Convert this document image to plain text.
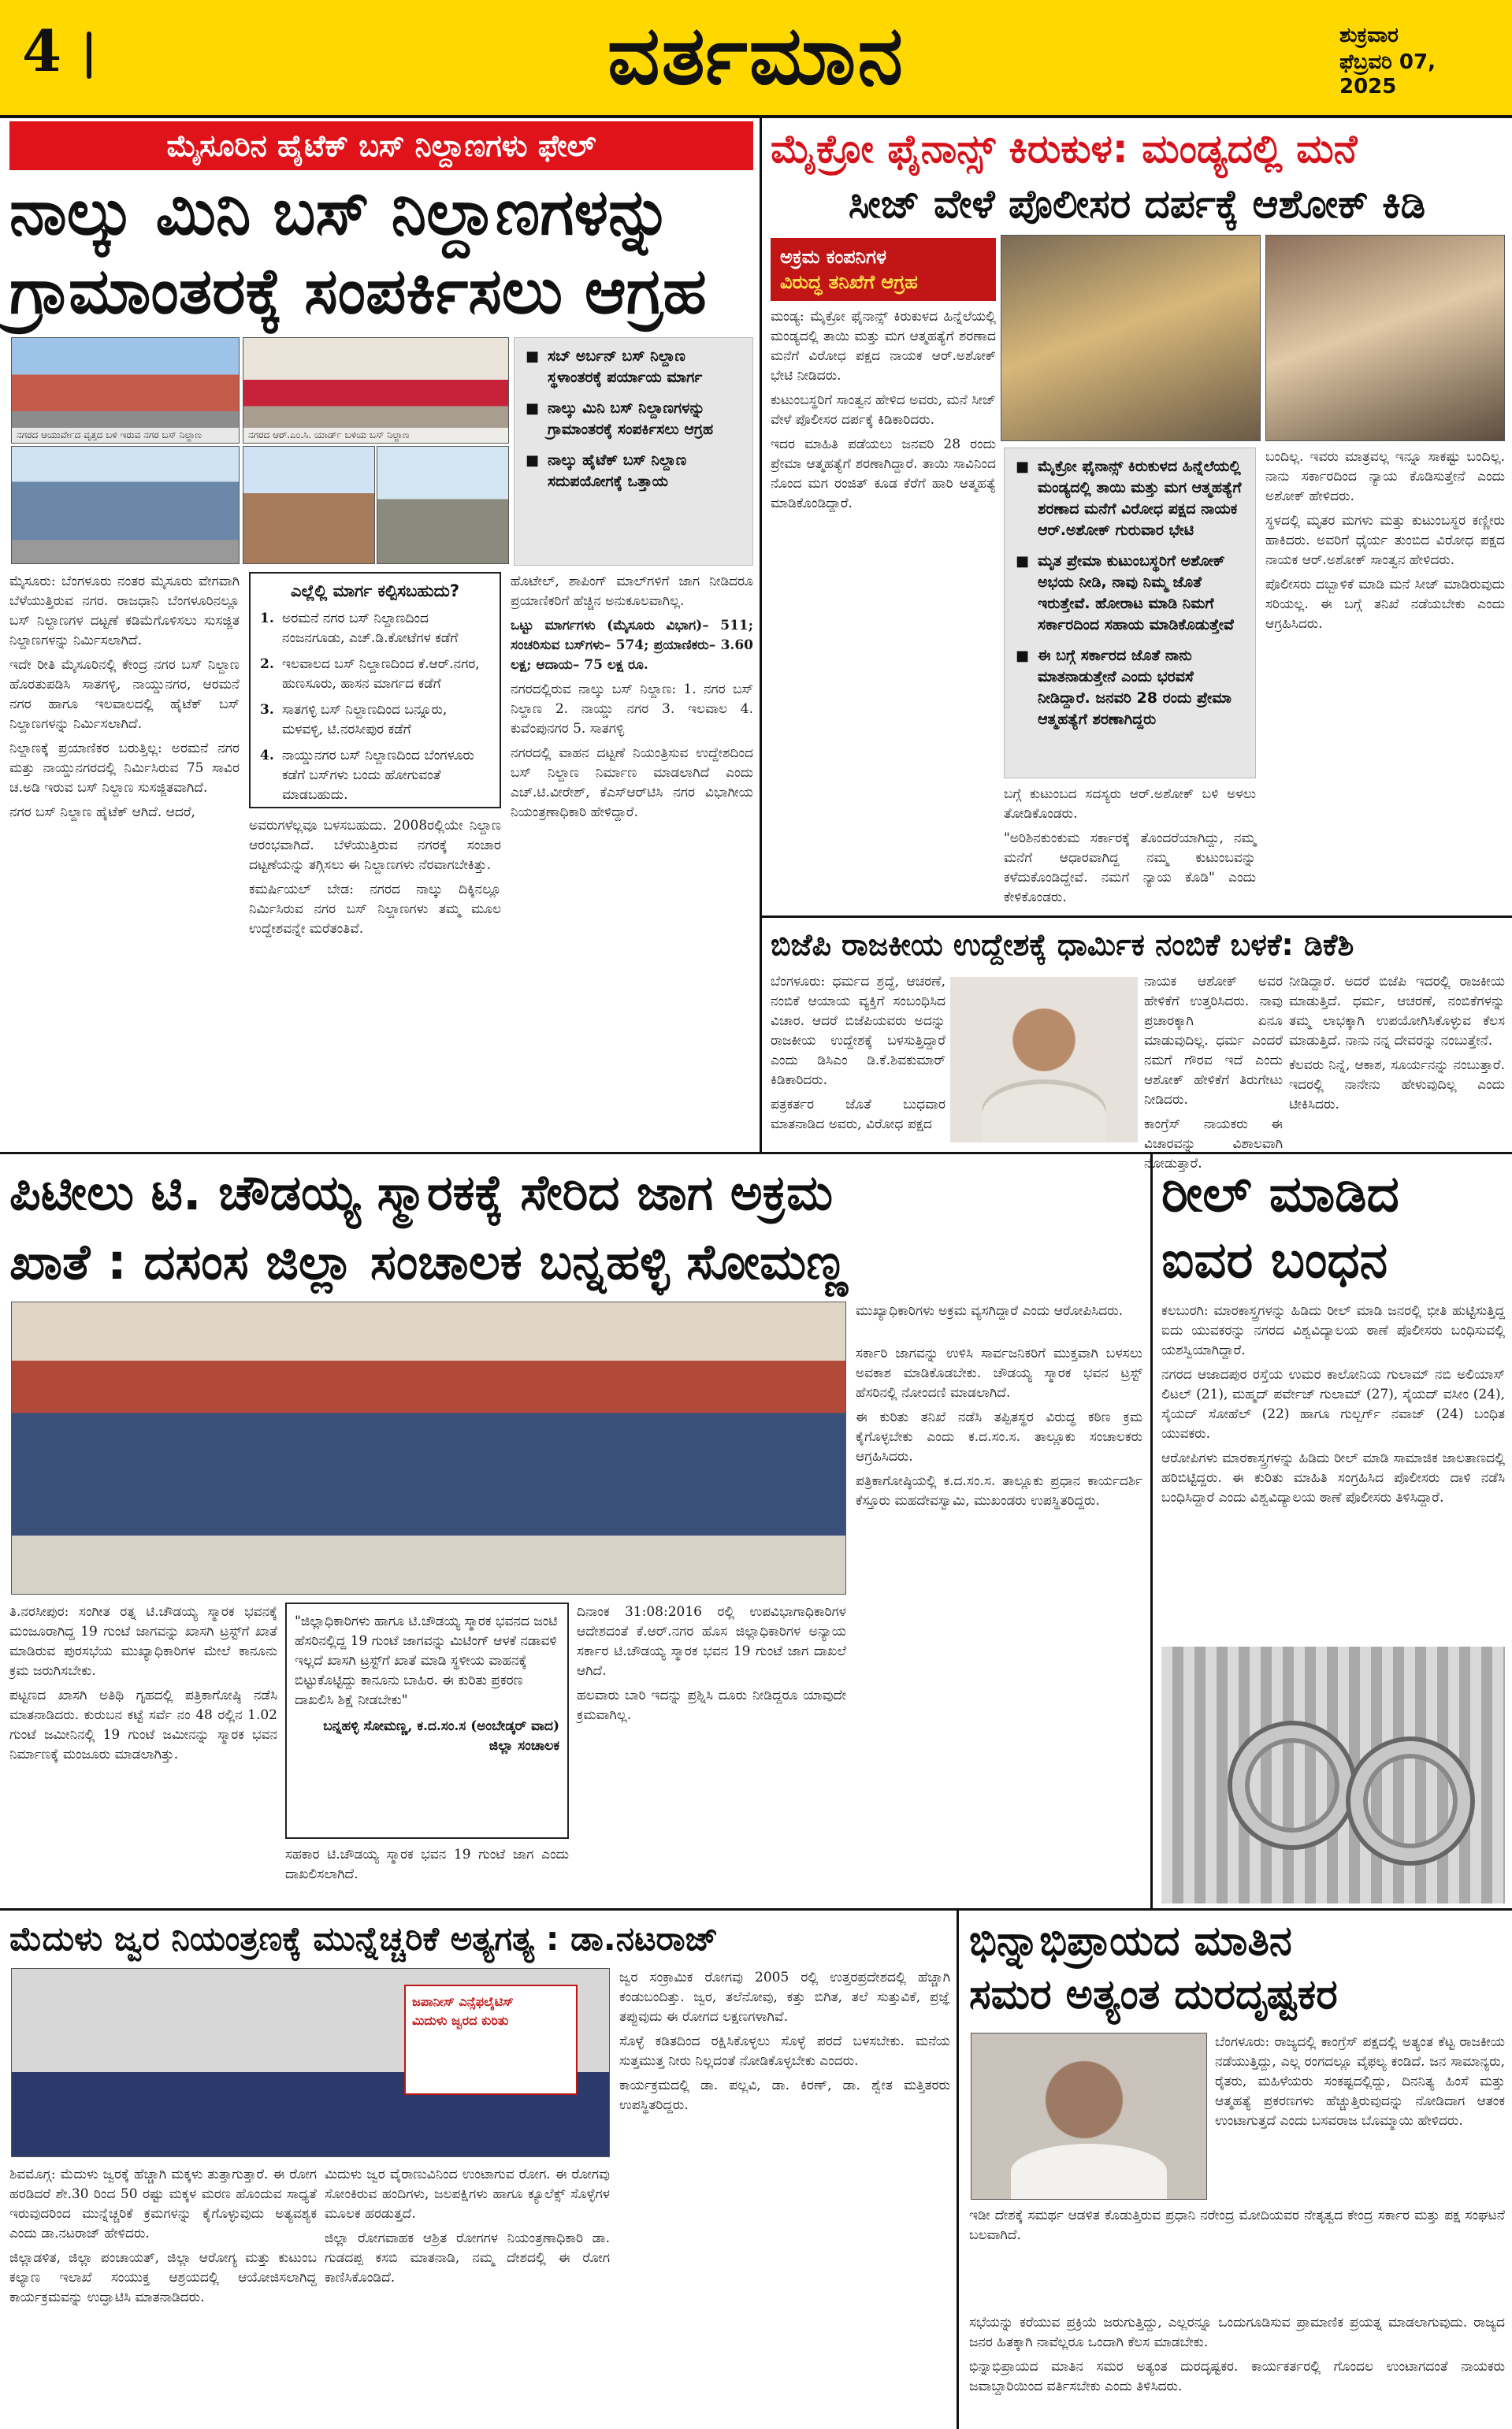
4	ವರ್ತಮಾನ	ಶುಕ್ರವಾರ
ಫೆಬ್ರವರಿ 07, 2025
ಮೈಸೂರಿನ ಹೈಟೆಕ್ ಬಸ್ ನಿಲ್ದಾಣಗಳು ಫೇಲ್
ನಾಲ್ಕು ಮಿನಿ ಬಸ್ ನಿಲ್ದಾಣಗಳನ್ನು
ಗ್ರಾಮಾಂತರಕ್ಕೆ ಸಂಪರ್ಕಿಸಲು ಆಗ್ರಹ
ನಗರದ ಆಯುರ್ವೇದ ವೃತ್ತದ ಬಳಿ ಇರುವ ನಗರ ಬಸ್ ನಿಲ್ದಾಣ	ನಗರದ ಆರ್.ಎಂ.ಸಿ. ಯಾರ್ಡ್ ಬಳಿಯ ಬಸ್ ನಿಲ್ದಾಣ
■ ಸಬ್ ಅರ್ಬನ್ ಬಸ್ ನಿಲ್ದಾಣ ಸ್ಥಳಾಂತರಕ್ಕೆ ಪರ್ಯಾಯ ಮಾರ್ಗ
■ ನಾಲ್ಕು ಮಿನಿ ಬಸ್ ನಿಲ್ದಾಣಗಳನ್ನು ಗ್ರಾಮಾಂತರಕ್ಕೆ ಸಂಪರ್ಕಿಸಲು ಆಗ್ರಹ
■ ನಾಲ್ಕು ಹೈಟೆಕ್ ಬಸ್ ನಿಲ್ದಾಣ ಸದುಪಯೋಗಕ್ಕೆ ಒತ್ತಾಯ

ಮೈಸೂರು: ಬೆಂಗಳೂರು ನಂತರ ಮೈಸೂರು ವೇಗವಾಗಿ ಬೆಳೆಯುತ್ತಿರುವ ನಗರ. ರಾಜಧಾನಿ ಬೆಂಗಳೂರಿನಲ್ಲೂ ಬಸ್ ನಿಲ್ದಾಣಗಳ ದಟ್ಟಣೆ ಕಡಿಮೆಗೊಳಿಸಲು ಸುಸಜ್ಜಿತ ನಿಲ್ದಾಣಗಳನ್ನು ನಿರ್ಮಿಸಲಾಗಿದೆ.

ಇದೇ ರೀತಿ ಮೈಸೂರಿನಲ್ಲಿ ಕೇಂದ್ರ ನಗರ ಬಸ್ ನಿಲ್ದಾಣ ಹೊರತುಪಡಿಸಿ ಸಾತಗಳ್ಳಿ, ನಾಯ್ಡುನಗರ, ಆರಮನೆ ನಗರ ಹಾಗೂ ಇಲವಾಲದಲ್ಲಿ ಹೈಟೆಕ್ ಬಸ್ ನಿಲ್ದಾಣಗಳನ್ನು ನಿರ್ಮಿಸಲಾಗಿದೆ.

ನಿಲ್ದಾಣಕ್ಕೆ ಪ್ರಯಾಣಿಕರ ಬರುತ್ತಿಲ್ಲ: ಅರಮನೆ ನಗರ ಮತ್ತು ನಾಯ್ಡುನಗರದಲ್ಲಿ ನಿರ್ಮಿಸಿರುವ 75 ಸಾವಿರ ಚ.ಅಡಿ ಇರುವ ಬಸ್ ನಿಲ್ದಾಣ ಸುಸಜ್ಜಿತವಾಗಿದೆ.

ನಗರ ಬಸ್ ನಿಲ್ದಾಣ ಹೈಟೆಕ್ ಆಗಿದೆ. ಆದರೆ,

ಎಲ್ಲೆಲ್ಲಿ ಮಾರ್ಗ ಕಲ್ಪಿಸಬಹುದು?
1. ಅರಮನೆ ನಗರ ಬಸ್ ನಿಲ್ದಾಣದಿಂದ ನಂಜನಗೂಡು, ಎಚ್.ಡಿ.ಕೋಟೆಗಳ ಕಡೆಗೆ
2. ಇಲವಾಲದ ಬಸ್ ನಿಲ್ದಾಣದಿಂದ ಕೆ.ಆರ್.ನಗರ, ಹುಣಸೂರು, ಹಾಸನ ಮಾರ್ಗದ ಕಡೆಗೆ
3. ಸಾತಗಳ್ಳಿ ಬಸ್ ನಿಲ್ದಾಣದಿಂದ ಬನ್ನೂರು, ಮಳವಳ್ಳಿ, ಟಿ.ನರಸೀಪುರ ಕಡೆಗೆ
4. ನಾಯ್ಡುನಗರ ಬಸ್ ನಿಲ್ದಾಣದಿಂದ ಬೆಂಗಳೂರು ಕಡೆಗೆ ಬಸ್‌ಗಳು ಬಂದು ಹೋಗುವಂತೆ ಮಾಡಬಹುದು.

ಅವರುಗಳೆಲ್ಲವೂ ಬಳಸಬಹುದು. 2008ರಲ್ಲಿಯೇ ನಿಲ್ದಾಣ ಆರಂಭವಾಗಿದೆ. ಬೆಳೆಯುತ್ತಿರುವ ನಗರಕ್ಕೆ ಸಂಚಾರ ದಟ್ಟಣೆಯನ್ನು ತಗ್ಗಿಸಲು ಈ ನಿಲ್ದಾಣಗಳು ನೆರವಾಗಬೇಕಿತ್ತು.

ಕಮರ್ಷಿಯಲ್ ಬೇಡ: ನಗರದ ನಾಲ್ಕು ದಿಕ್ಕಿನಲ್ಲೂ ನಿರ್ಮಿಸಿರುವ ನಗರ ಬಸ್ ನಿಲ್ದಾಣಗಳು ತಮ್ಮ ಮೂಲ ಉದ್ದೇಶವನ್ನೇ ಮರೆತಂತಿವೆ.

ಹೊಟೇಲ್, ಶಾಪಿಂಗ್ ಮಾಲ್‌ಗಳಿಗೆ ಜಾಗ ನೀಡಿದರೂ ಪ್ರಯಾಣಿಕರಿಗೆ ಹೆಚ್ಚಿನ ಅನುಕೂಲವಾಗಿಲ್ಲ.

ಒಟ್ಟು ಮಾರ್ಗಗಳು (ಮೈಸೂರು ವಿಭಾಗ)– 511; ಸಂಚರಿಸುವ ಬಸ್‌ಗಳು– 574; ಪ್ರಯಾಣಿಕರು– 3.60 ಲಕ್ಷ; ಆದಾಯ– 75 ಲಕ್ಷ ರೂ.

ನಗರದಲ್ಲಿರುವ ನಾಲ್ಕು ಬಸ್ ನಿಲ್ದಾಣ: 1. ನಗರ ಬಸ್ ನಿಲ್ದಾಣ 2. ನಾಯ್ಡು ನಗರ 3. ಇಲವಾಲ 4. ಕುವೆಂಪುನಗರ 5. ಸಾತಗಳ್ಳಿ

ನಗರದಲ್ಲಿ ವಾಹನ ದಟ್ಟಣೆ ನಿಯಂತ್ರಿಸುವ ಉದ್ದೇಶದಿಂದ ಬಸ್ ನಿಲ್ದಾಣ ನಿರ್ಮಾಣ ಮಾಡಲಾಗಿದೆ ಎಂದು ಎಚ್.ಟಿ.ವೀರೇಶ್, ಕೆಎಸ್‌ಆರ್‌ಟಿಸಿ ನಗರ ವಿಭಾಗೀಯ ನಿಯಂತ್ರಣಾಧಿಕಾರಿ ಹೇಳಿದ್ದಾರೆ.

ಮೈಕ್ರೋ ಫೈನಾನ್ಸ್ ಕಿರುಕುಳ: ಮಂಡ್ಯದಲ್ಲಿ ಮನೆ
ಸೀಜ್ ವೇಳೆ ಪೊಲೀಸರ ದರ್ಪಕ್ಕೆ ಆಶೋಕ್ ಕಿಡಿ
ಅಕ್ರಮ ಕಂಪನಿಗಳ
ವಿರುದ್ಧ ತನಿಖೆಗೆ ಆಗ್ರಹ

ಮಂಡ್ಯ: ಮೈಕ್ರೋ ಫೈನಾನ್ಸ್ ಕಿರುಕುಳದ ಹಿನ್ನೆಲೆಯಲ್ಲಿ ಮಂಡ್ಯದಲ್ಲಿ ತಾಯಿ ಮತ್ತು ಮಗ ಆತ್ಮಹತ್ಯೆಗೆ ಶರಣಾದ ಮನೆಗೆ ವಿರೋಧ ಪಕ್ಷದ ನಾಯಕ ಆರ್.ಅಶೋಕ್ ಭೇಟಿ ನೀಡಿದರು.

ಕುಟುಂಬಸ್ಥರಿಗೆ ಸಾಂತ್ವನ ಹೇಳಿದ ಅವರು, ಮನೆ ಸೀಜ್ ವೇಳೆ ಪೊಲೀಸರ ದರ್ಪಕ್ಕೆ ಕಿಡಿಕಾರಿದರು.

ಇದರ ಮಾಹಿತಿ ಪಡೆಯಲು ಜನವರಿ 28 ರಂದು ಪ್ರೇಮಾ ಆತ್ಮಹತ್ಯೆಗೆ ಶರಣಾಗಿದ್ದಾರೆ. ತಾಯಿ ಸಾವಿನಿಂದ ನೊಂದ ಮಗ ರಂಜಿತ್ ಕೂಡ ಕೆರೆಗೆ ಹಾರಿ ಆತ್ಮಹತ್ಯೆ ಮಾಡಿಕೊಂಡಿದ್ದಾರೆ.

■ ಮೈಕ್ರೋ ಫೈನಾನ್ಸ್ ಕಿರುಕುಳದ ಹಿನ್ನೆಲೆಯಲ್ಲಿ ಮಂಡ್ಯದಲ್ಲಿ ತಾಯಿ ಮತ್ತು ಮಗ ಆತ್ಮಹತ್ಯೆಗೆ ಶರಣಾದ ಮನೆಗೆ ವಿರೋಧ ಪಕ್ಷದ ನಾಯಕ ಆರ್.ಅಶೋಕ್ ಗುರುವಾರ ಭೇಟಿ
■ ಮೃತ ಪ್ರೇಮಾ ಕುಟುಂಬಸ್ಥರಿಗೆ ಅಶೋಕ್ ಅಭಯ ನೀಡಿ, ನಾವು ನಿಮ್ಮ ಜೊತೆ ಇರುತ್ತೇವೆ. ಹೋರಾಟ ಮಾಡಿ ನಿಮಗೆ ಸರ್ಕಾರದಿಂದ ಸಹಾಯ ಮಾಡಿಕೊಡುತ್ತೇವೆ
■ ಈ ಬಗ್ಗೆ ಸರ್ಕಾರದ ಜೊತೆ ನಾನು ಮಾತನಾಡುತ್ತೇನೆ ಎಂದು ಭರವಸೆ ನೀಡಿದ್ದಾರೆ. ಜನವರಿ 28 ರಂದು ಪ್ರೇಮಾ ಆತ್ಮಹತ್ಯೆಗೆ ಶರಣಾಗಿದ್ದರು

ಬಗ್ಗೆ ಕುಟುಂಬದ ಸದಸ್ಯರು ಆರ್.ಅಶೋಕ್ ಬಳಿ ಅಳಲು ತೋಡಿಕೊಂಡರು.

"ಅರಿಶಿನಕುಂಕುಮ ಸರ್ಕಾರಕ್ಕೆ ತೊಂದರೆಯಾಗಿದ್ದು, ನಮ್ಮ ಮನೆಗೆ ಆಧಾರವಾಗಿದ್ದ ನಮ್ಮ ಕುಟುಂಬವನ್ನು ಕಳೆದುಕೊಂಡಿದ್ದೇವೆ. ನಮಗೆ ನ್ಯಾಯ ಕೊಡಿ" ಎಂದು ಕೇಳಿಕೊಂಡರು.

ಬಂದಿಲ್ಲ. ಇವರು ಮಾತ್ರವಲ್ಲ ಇನ್ನೂ ಸಾಕಷ್ಟು ಬಂದಿಲ್ಲ. ನಾನು ಸರ್ಕಾರದಿಂದ ನ್ಯಾಯ ಕೊಡಿಸುತ್ತೇನೆ ಎಂದು ಅಶೋಕ್ ಹೇಳಿದರು.

ಸ್ಥಳದಲ್ಲಿ ಮೃತರ ಮಗಳು ಮತ್ತು ಕುಟುಂಬಸ್ಥರ ಕಣ್ಣೀರು ಹಾಕಿದರು. ಅವರಿಗೆ ಧೈರ್ಯ ತುಂಬಿದ ವಿರೋಧ ಪಕ್ಷದ ನಾಯಕ ಆರ್.ಅಶೋಕ್ ಸಾಂತ್ವನ ಹೇಳಿದರು.

ಪೊಲೀಸರು ದಬ್ಬಾಳಿಕೆ ಮಾಡಿ ಮನೆ ಸೀಜ್ ಮಾಡಿರುವುದು ಸರಿಯಲ್ಲ. ಈ ಬಗ್ಗೆ ತನಿಖೆ ನಡೆಯಬೇಕು ಎಂದು ಆಗ್ರಹಿಸಿದರು.

ಬಿಜೆಪಿ ರಾಜಕೀಯ ಉದ್ದೇಶಕ್ಕೆ ಧಾರ್ಮಿಕ ನಂಬಿಕೆ ಬಳಕೆ: ಡಿಕೆಶಿ

ಬೆಂಗಳೂರು: ಧರ್ಮದ ಶ್ರದ್ಧೆ, ಆಚರಣೆ, ನಂಬಿಕೆ ಆಯಾಯ ವ್ಯಕ್ತಿಗೆ ಸಂಬಂಧಿಸಿದ ವಿಚಾರ. ಆದರೆ ಬಿಜೆಪಿಯವರು ಅದನ್ನು ರಾಜಕೀಯ ಉದ್ದೇಶಕ್ಕೆ ಬಳಸುತ್ತಿದ್ದಾರೆ ಎಂದು ಡಿಸಿಎಂ ಡಿ.ಕೆ.ಶಿವಕುಮಾರ್ ಕಿಡಿಕಾರಿದರು.

ಪತ್ರಕರ್ತರ ಜೊತೆ ಬುಧವಾರ ಮಾತನಾಡಿದ ಅವರು, ವಿರೋಧ ಪಕ್ಷದ

ನಾಯಕ ಆಶೋಕ್ ಅವರ ಹೇಳಿಕೆಗೆ ಉತ್ತರಿಸಿದರು. ನಾವು ಪ್ರಚಾರಕ್ಕಾಗಿ ಏನೂ ಮಾಡುವುದಿಲ್ಲ. ಧರ್ಮ ಎಂದರೆ ನಮಗೆ ಗೌರವ ಇದೆ ಎಂದು ಆಶೋಕ್ ಹೇಳಿಕೆಗೆ ತಿರುಗೇಟು ನೀಡಿದರು.

ಕಾಂಗ್ರೆಸ್ ನಾಯಕರು ಈ ವಿಚಾರವನ್ನು ವಿಶಾಲವಾಗಿ ನೋಡುತ್ತಾರೆ.

ನೀಡಿದ್ದಾರೆ. ಅದರೆ ಬಿಜೆಪಿ ಇದರಲ್ಲಿ ರಾಜಕೀಯ ಮಾಡುತ್ತಿದೆ. ಧರ್ಮ, ಆಚರಣೆ, ನಂಬಿಕೆಗಳನ್ನು ತಮ್ಮ ಲಾಭಕ್ಕಾಗಿ ಉಪಯೋಗಿಸಿಕೊಳ್ಳುವ ಕೆಲಸ ಮಾಡುತ್ತಿದೆ. ನಾನು ನನ್ನ ದೇವರನ್ನು ನಂಬುತ್ತೇನೆ.

ಕೆಲವರು ನಿನ್ನೆ, ಆಕಾಶ, ಸೂರ್ಯನನ್ನು ನಂಬುತ್ತಾರೆ. ಇದರಲ್ಲಿ ನಾನೇನು ಹೇಳುವುದಿಲ್ಲ ಎಂದು ಟೀಕಿಸಿದರು.

ಪಿಟೀಲು ಟಿ. ಚೌಡಯ್ಯ ಸ್ಮಾರಕಕ್ಕೆ ಸೇರಿದ ಜಾಗ ಅಕ್ರಮ
ಖಾತೆ : ದಸಂಸ ಜಿಲ್ಲಾ ಸಂಚಾಲಕ ಬನ್ನಹಳ್ಳಿ ಸೋಮಣ್ಣ

ಮುಖ್ಯಾಧಿಕಾರಿಗಳು ಅಕ್ರಮ ವ್ಯಸಗಿದ್ದಾರೆ ಎಂದು ಆರೋಪಿಸಿದರು.

ಸರ್ಕಾರಿ ಜಾಗವನ್ನು ಉಳಿಸಿ ಸಾರ್ವಜನಿಕರಿಗೆ ಮುಕ್ತವಾಗಿ ಬಳಸಲು ಅವಕಾಶ ಮಾಡಿಕೊಡಬೇಕು. ಚೌಡಯ್ಯ ಸ್ಮಾರಕ ಭವನ ಟ್ರಸ್ಟ್ ಹೆಸರಿನಲ್ಲಿ ನೋಂದಣಿ ಮಾಡಲಾಗಿದೆ.

ಈ ಕುರಿತು ತನಿಖೆ ನಡೆಸಿ ತಪ್ಪಿತಸ್ಥರ ವಿರುದ್ಧ ಕಠಿಣ ಕ್ರಮ ಕೈಗೊಳ್ಳಬೇಕು ಎಂದು ಕ.ದ.ಸಂ.ಸ. ತಾಲ್ಲೂಕು ಸಂಚಾಲಕರು ಆಗ್ರಹಿಸಿದರು.

ಪತ್ರಿಕಾಗೋಷ್ಠಿಯಲ್ಲಿ ಕ.ದ.ಸಂ.ಸ. ತಾಲ್ಲೂಕು ಪ್ರಧಾನ ಕಾರ್ಯದರ್ಶಿ ಕೆಸ್ತೂರು ಮಹದೇವಸ್ವಾಮಿ, ಮುಖಂಡರು ಉಪಸ್ಥಿತರಿದ್ದರು.

ತಿ.ನರಸೀಪುರ: ಸಂಗೀತ ರತ್ನ ಟಿ.ಚೌಡಯ್ಯ ಸ್ಮಾರಕ ಭವನಕ್ಕೆ ಮಂಜೂರಾಗಿದ್ದ 19 ಗುಂಟೆ ಜಾಗವನ್ನು ಖಾಸಗಿ ಟ್ರಸ್ಟ್‌ಗೆ ಖಾತೆ ಮಾಡಿರುವ ಪುರಸಭೆಯ ಮುಖ್ಯಾಧಿಕಾರಿಗಳ ಮೇಲೆ ಕಾನೂನು ಕ್ರಮ ಜರುಗಿಸಬೇಕು.

ಪಟ್ಟಣದ ಖಾಸಗಿ ಅತಿಥಿ ಗೃಹದಲ್ಲಿ ಪತ್ರಿಕಾಗೋಷ್ಠಿ ನಡೆಸಿ ಮಾತನಾಡಿದರು. ಕುರುಬನ ಕಟ್ಟೆ ಸರ್ವೆ ನಂ 48 ರಲ್ಲಿನ 1.02 ಗುಂಟೆ ಜಮೀನಿನಲ್ಲಿ 19 ಗುಂಟೆ ಜಮೀನನ್ನು ಸ್ಮಾರಕ ಭವನ ನಿರ್ಮಾಣಕ್ಕೆ ಮಂಜೂರು ಮಾಡಲಾಗಿತ್ತು.

"ಜಿಲ್ಲಾಧಿಕಾರಿಗಳು ಹಾಗೂ ಟಿ.ಚೌಡಯ್ಯ ಸ್ಮಾರಕ ಭವನದ ಜಂಟಿ ಹೆಸರಿನಲ್ಲಿದ್ದ 19 ಗುಂಟೆ ಜಾಗವನ್ನು ಮಿಟಿಂಗ್ ಆಳಕೆ ನಡಾವಳಿ ಇಲ್ಲದೆ ಖಾಸಗಿ ಟ್ರಸ್ಟ್‌ಗೆ ಖಾತೆ ಮಾಡಿ ಸ್ಥಳೀಯ ವಾಹನಕ್ಕೆ ಬಿಟ್ಟುಕೊಟ್ಟಿದ್ದು ಕಾನೂನು ಬಾಹಿರ. ಈ ಕುರಿತು ಪ್ರಕರಣ ದಾಖಲಿಸಿ ಶಿಕ್ಷೆ ನೀಡಬೇಕು"
ಬನ್ನಹಳ್ಳಿ ಸೋಮಣ್ಣ, ಕ.ದ.ಸಂ.ಸ (ಅಂಬೇಡ್ಕರ್ ವಾದ) ಜಿಲ್ಲಾ ಸಂಚಾಲಕ

ಸಹಕಾರ ಟಿ.ಚೌಡಯ್ಯ ಸ್ಮಾರಕ ಭವನ 19 ಗುಂಟೆ ಜಾಗ ಎಂದು ದಾಖಲಿಸಲಾಗಿದೆ.

ದಿನಾಂಕ 31:08:2016 ರಲ್ಲಿ ಉಪವಿಭಾಗಾಧಿಕಾರಿಗಳ ಆದೇಶದಂತೆ ಕೆ.ಆರ್.ನಗರ ಹೊಸ ಜಿಲ್ಲಾಧಿಕಾರಿಗಳ ಅನ್ಯಾಯ ಸರ್ಕಾರ ಟಿ.ಚೌಡಯ್ಯ ಸ್ಮಾರಕ ಭವನ 19 ಗುಂಟೆ ಜಾಗ ದಾಖಲೆ ಆಗಿದೆ.

ಹಲವಾರು ಬಾರಿ ಇದನ್ನು ಪ್ರಶ್ನಿಸಿ ದೂರು ನೀಡಿದ್ದರೂ ಯಾವುದೇ ಕ್ರಮವಾಗಿಲ್ಲ.

ರೀಲ್ ಮಾಡಿದ
ಐವರ ಬಂಧನ

ಕಲಬುರಗಿ: ಮಾರಕಾಸ್ತ್ರಗಳನ್ನು ಹಿಡಿದು ರೀಲ್ ಮಾಡಿ ಜನರಲ್ಲಿ ಭೀತಿ ಹುಟ್ಟಿಸುತ್ತಿದ್ದ ಐದು ಯುವಕರನ್ನು ನಗರದ ವಿಶ್ವವಿದ್ಯಾಲಯ ಠಾಣೆ ಪೊಲೀಸರು ಬಂಧಿಸುವಲ್ಲಿ ಯಶಸ್ವಿಯಾಗಿದ್ದಾರೆ.

ನಗರದ ಆಜಾದಪುರ ರಸ್ತೆಯ ಉಮರ ಕಾಲೋನಿಯ ಗುಲಾಮ್ ನಬಿ ಅಲಿಯಾಸ್ ಲಿಟಲ್ (21), ಮಹ್ಮದ್ ಪರ್ವೇಜ್ ಗುಲಾಮ್ (27), ಸೈಯದ್ ವಸೀಂ (24), ಸೈಯದ್ ಸೋಹೆಲ್ (22) ಹಾಗೂ ಗುಲ್ಬರ್ಗ್ ನವಾಜ್ (24) ಬಂಧಿತ ಯುವಕರು.

ಆರೋಪಿಗಳು ಮಾರಕಾಸ್ತ್ರಗಳನ್ನು ಹಿಡಿದು ರೀಲ್ ಮಾಡಿ ಸಾಮಾಜಿಕ ಜಾಲತಾಣದಲ್ಲಿ ಹರಿಬಿಟ್ಟಿದ್ದರು. ಈ ಕುರಿತು ಮಾಹಿತಿ ಸಂಗ್ರಹಿಸಿದ ಪೊಲೀಸರು ದಾಳಿ ನಡೆಸಿ ಬಂಧಿಸಿದ್ದಾರೆ ಎಂದು ವಿಶ್ವವಿದ್ಯಾಲಯ ಠಾಣೆ ಪೊಲೀಸರು ತಿಳಿಸಿದ್ದಾರೆ.

ಮೆದುಳು ಜ್ವರ ನಿಯಂತ್ರಣಕ್ಕೆ ಮುನ್ನೆಚ್ಚರಿಕೆ ಅತ್ಯಗತ್ಯ : ಡಾ.ನಟರಾಜ್
ಜಪಾನೀಸ್ ಎನ್ಸೆಫಲೈಟಿಸ್
ಮಿದುಳು ಜ್ವರದ ಕುರಿತು

ಶಿವಮೊಗ್ಗ: ಮೆದುಳು ಜ್ವರಕ್ಕೆ ಹೆಚ್ಚಾಗಿ ಮಕ್ಕಳು ತುತ್ತಾಗುತ್ತಾರೆ. ಈ ರೋಗ ಹರಡಿದರೆ ಶೇ.30 ರಿಂದ 50 ರಷ್ಟು ಮಕ್ಕಳ ಮರಣ ಹೊಂದುವ ಸಾಧ್ಯತೆ ಇರುವುದರಿಂದ ಮುನ್ನೆಚ್ಚರಿಕೆ ಕ್ರಮಗಳನ್ನು ಕೈಗೊಳ್ಳುವುದು ಅತ್ಯವಶ್ಯಕ ಎಂದು ಡಾ.ನಟರಾಜ್ ಹೇಳಿದರು.

ಜಿಲ್ಲಾಡಳಿತ, ಜಿಲ್ಲಾ ಪಂಚಾಯತ್, ಜಿಲ್ಲಾ ಆರೋಗ್ಯ ಮತ್ತು ಕುಟುಂಬ ಕಲ್ಯಾಣ ಇಲಾಖೆ ಸಂಯುಕ್ತ ಆಶ್ರಯದಲ್ಲಿ ಆಯೋಜಿಸಲಾಗಿದ್ದ ಕಾರ್ಯಕ್ರಮವನ್ನು ಉದ್ಘಾಟಿಸಿ ಮಾತನಾಡಿದರು.

ಮಿದುಳು ಜ್ವರ ವೈರಾಣುವಿನಿಂದ ಉಂಟಾಗುವ ರೋಗ. ಈ ರೋಗವು ಸೋಂಕಿರುವ ಹಂದಿಗಳು, ಜಲಪಕ್ಷಿಗಳು ಹಾಗೂ ಕ್ಯೂಲೆಕ್ಸ್ ಸೊಳ್ಳೆಗಳ ಮೂಲಕ ಹರಡುತ್ತದೆ.

ಜಿಲ್ಲಾ ರೋಗವಾಹಕ ಆಶ್ರಿತ ರೋಗಗಳ ನಿಯಂತ್ರಣಾಧಿಕಾರಿ ಡಾ. ಗುಡದಪ್ಪ ಕಸಬಿ ಮಾತನಾಡಿ, ನಮ್ಮ ದೇಶದಲ್ಲಿ ಈ ರೋಗ ಕಾಣಿಸಿಕೊಂಡಿದೆ.

ಜ್ವರ ಸಂಕ್ರಾಮಿಕ ರೋಗವು 2005 ರಲ್ಲಿ ಉತ್ತರಪ್ರದೇಶದಲ್ಲಿ ಹೆಚ್ಚಾಗಿ ಕಂಡುಬಂದಿತ್ತು. ಜ್ವರ, ತಲೆನೋವು, ಕತ್ತು ಬಿಗಿತ, ತಲೆ ಸುತ್ತುವಿಕೆ, ಪ್ರಜ್ಞೆ ತಪ್ಪುವುದು ಈ ರೋಗದ ಲಕ್ಷಣಗಳಾಗಿವೆ.

ಸೊಳ್ಳೆ ಕಡಿತದಿಂದ ರಕ್ಷಿಸಿಕೊಳ್ಳಲು ಸೊಳ್ಳೆ ಪರದೆ ಬಳಸಬೇಕು. ಮನೆಯ ಸುತ್ತಮುತ್ತ ನೀರು ನಿಲ್ಲದಂತೆ ನೋಡಿಕೊಳ್ಳಬೇಕು ಎಂದರು.

ಕಾರ್ಯಕ್ರಮದಲ್ಲಿ ಡಾ. ಪಲ್ಲವಿ, ಡಾ. ಕಿರಣ್, ಡಾ. ಶ್ವೇತ ಮತ್ತಿತರರು ಉಪಸ್ಥಿತರಿದ್ದರು.

ಭಿನ್ನಾಭಿಪ್ರಾಯದ ಮಾತಿನ
ಸಮರ ಅತ್ಯಂತ ದುರದೃಷ್ಟಕರ

ಬೆಂಗಳೂರು: ರಾಜ್ಯದಲ್ಲಿ ಕಾಂಗ್ರೆಸ್ ಪಕ್ಷದಲ್ಲಿ ಅತ್ಯಂತ ಕೆಟ್ಟ ರಾಜಕೀಯ ನಡೆಯುತ್ತಿದ್ದು, ಎಲ್ಲ ರಂಗದಲ್ಲೂ ವೈಫಲ್ಯ ಕಂಡಿದೆ. ಜನ ಸಾಮಾನ್ಯರು, ರೈತರು, ಮಹಿಳೆಯರು ಸಂಕಷ್ಟದಲ್ಲಿದ್ದು, ದಿನನಿತ್ಯ ಹಿಂಸೆ ಮತ್ತು ಆತ್ಮಹತ್ಯೆ ಪ್ರಕರಣಗಳು ಹೆಚ್ಚುತ್ತಿರುವುದನ್ನು ನೋಡಿದಾಗ ಆತಂಕ ಉಂಟಾಗುತ್ತದೆ ಎಂದು ಬಸವರಾಜ ಬೊಮ್ಮಾಯಿ ಹೇಳಿದರು.

ಇಡೀ ದೇಶಕ್ಕೆ ಸಮರ್ಥ ಆಡಳಿತ ಕೊಡುತ್ತಿರುವ ಪ್ರಧಾನಿ ನರೇಂದ್ರ ಮೋದಿಯವರ ನೇತೃತ್ವದ ಕೇಂದ್ರ ಸರ್ಕಾರ ಮತ್ತು ಪಕ್ಷ ಸಂಘಟನೆ ಬಲವಾಗಿದೆ.

ಸಭೆಯನ್ನು ಕರೆಯುವ ಪ್ರಕ್ರಿಯೆ ಜರುಗುತ್ತಿದ್ದು, ಎಲ್ಲರನ್ನೂ ಒಂದುಗೂಡಿಸುವ ಪ್ರಾಮಾಣಿಕ ಪ್ರಯತ್ನ ಮಾಡಲಾಗುವುದು. ರಾಜ್ಯದ ಜನರ ಹಿತಕ್ಕಾಗಿ ನಾವೆಲ್ಲರೂ ಒಂದಾಗಿ ಕೆಲಸ ಮಾಡಬೇಕು.

ಭಿನ್ನಾಭಿಪ್ರಾಯದ ಮಾತಿನ ಸಮರ ಅತ್ಯಂತ ದುರದೃಷ್ಟಕರ. ಕಾರ್ಯಕರ್ತರಲ್ಲಿ ಗೊಂದಲ ಉಂಟಾಗದಂತೆ ನಾಯಕರು ಜವಾಬ್ದಾರಿಯಿಂದ ವರ್ತಿಸಬೇಕು ಎಂದು ತಿಳಿಸಿದರು.
